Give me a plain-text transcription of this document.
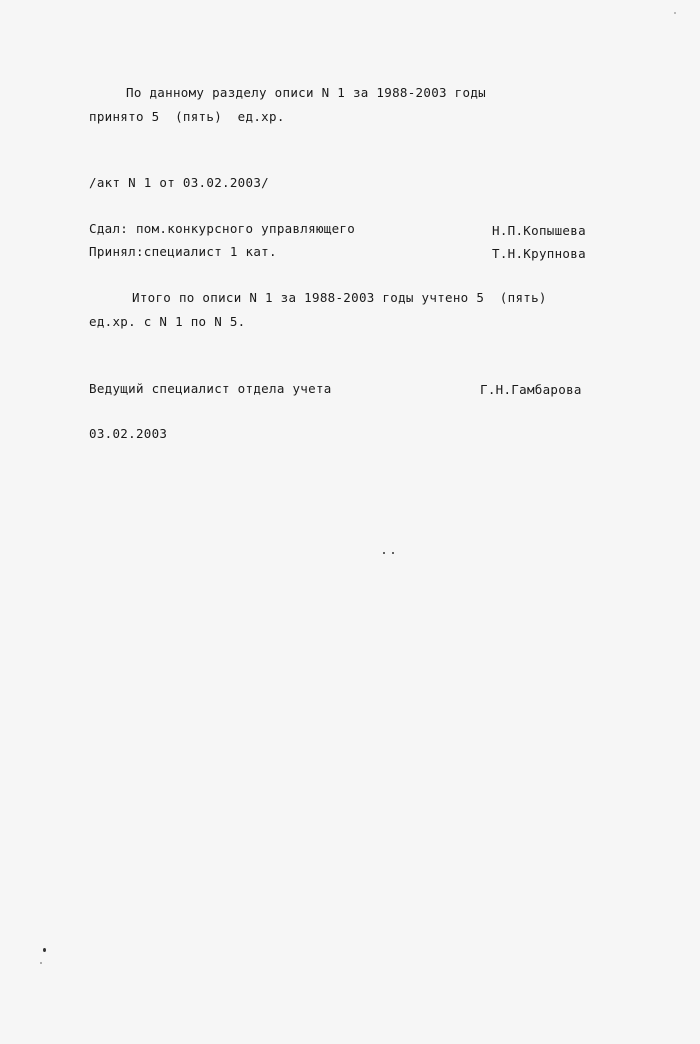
По данному разделу описи N 1 за 1988-2003 годы
принято 5  (пять)  ед.хр.
/акт N 1 от 03.02.2003/
Сдал: пом.конкурсного управляющего	Н.П.Копышева
Принял:специалист 1 кат.	Т.Н.Крупнова
Итого по описи N 1 за 1988-2003 годы учтено 5  (пять)
ед.хр. с N 1 по N 5.
Ведущий специалист отдела учета	Г.Н.Гамбарова
03.02.2003
